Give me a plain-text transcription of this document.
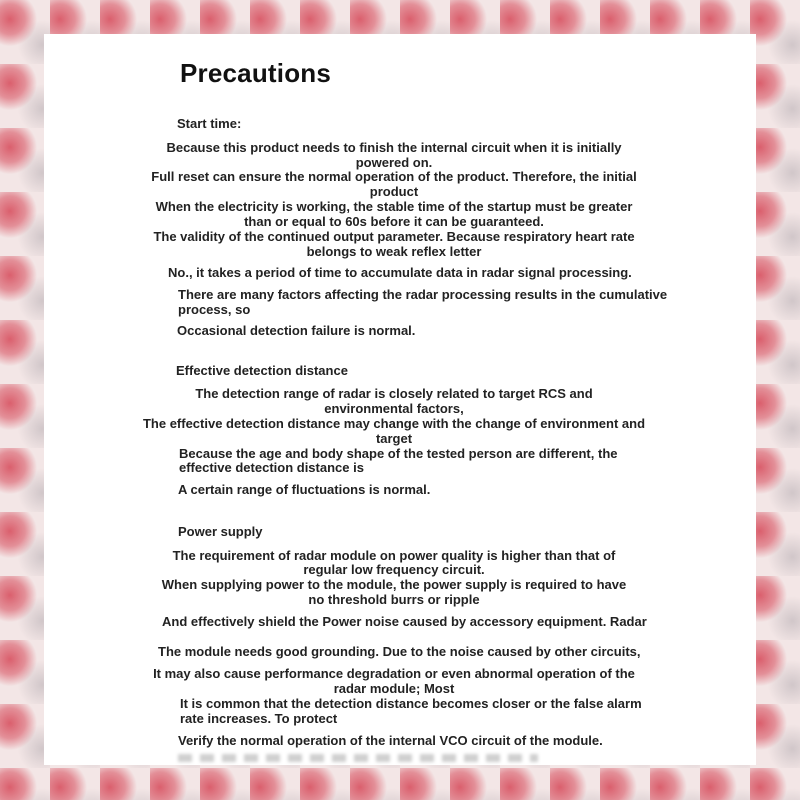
Precautions

Start time:

Because this product needs to finish the internal circuit when it is initially

powered on.

Full reset can ensure the normal operation of the product. Therefore, the initial

product

When the electricity is working, the stable time of the startup must be greater

than or equal to 60s before it can be guaranteed.

The validity of the continued output parameter. Because respiratory heart rate

belongs to weak reflex letter

No., it takes a period of time to accumulate data in radar signal processing.

There are many factors affecting the radar processing results in the cumulative

process, so

Occasional detection failure is normal.

Effective detection distance

The detection range of radar is closely related to target RCS and

environmental factors,

The effective detection distance may change with the change of environment and

target

Because the age and body shape of the tested person are different, the

effective detection distance is

A certain range of fluctuations is normal.

Power supply

The requirement of radar module on power quality is higher than that of

regular low frequency circuit.

When supplying power to the module, the power supply is required to have

no threshold burrs or ripple

And effectively shield the Power noise caused by accessory equipment. Radar

The module needs good grounding. Due to the noise caused by other circuits,

It may also cause performance degradation or even abnormal operation of the

radar module; Most

It is common that the detection distance becomes closer or the false alarm

rate increases. To protect

Verify the normal operation of the internal VCO circuit of the module.
